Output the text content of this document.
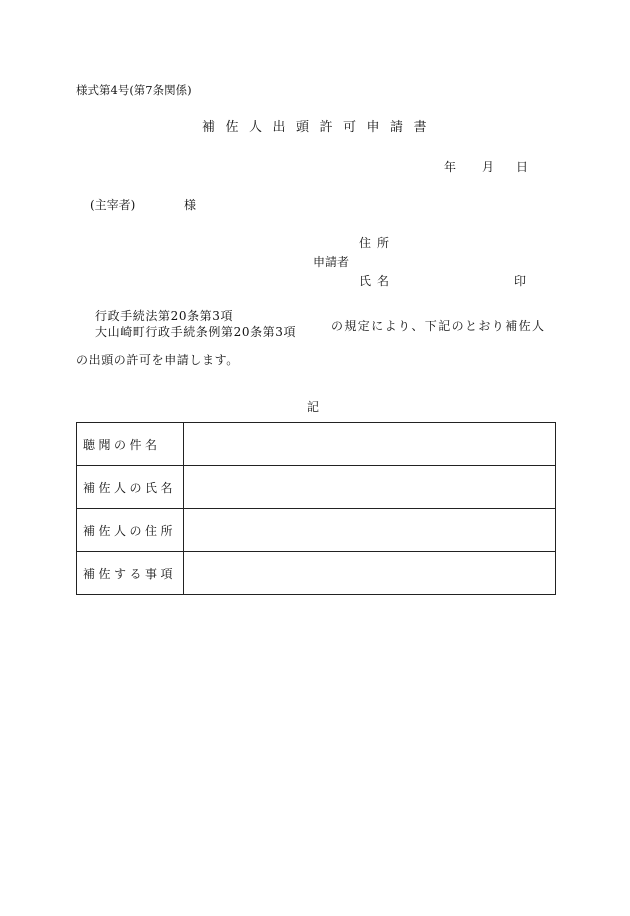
様式第4号(第7条関係)
補佐人出頭許可申請書
年 月 日
(主宰者)	様
住所
申請者
氏名	印
行政手続法第20条第3項
大山崎町行政手続条例第20条第3項	の規定により、下記のとおり補佐人
の出頭の許可を申請します。
記
聴聞の件名	
補佐人の氏名	
補佐人の住所	
補佐する事項	
